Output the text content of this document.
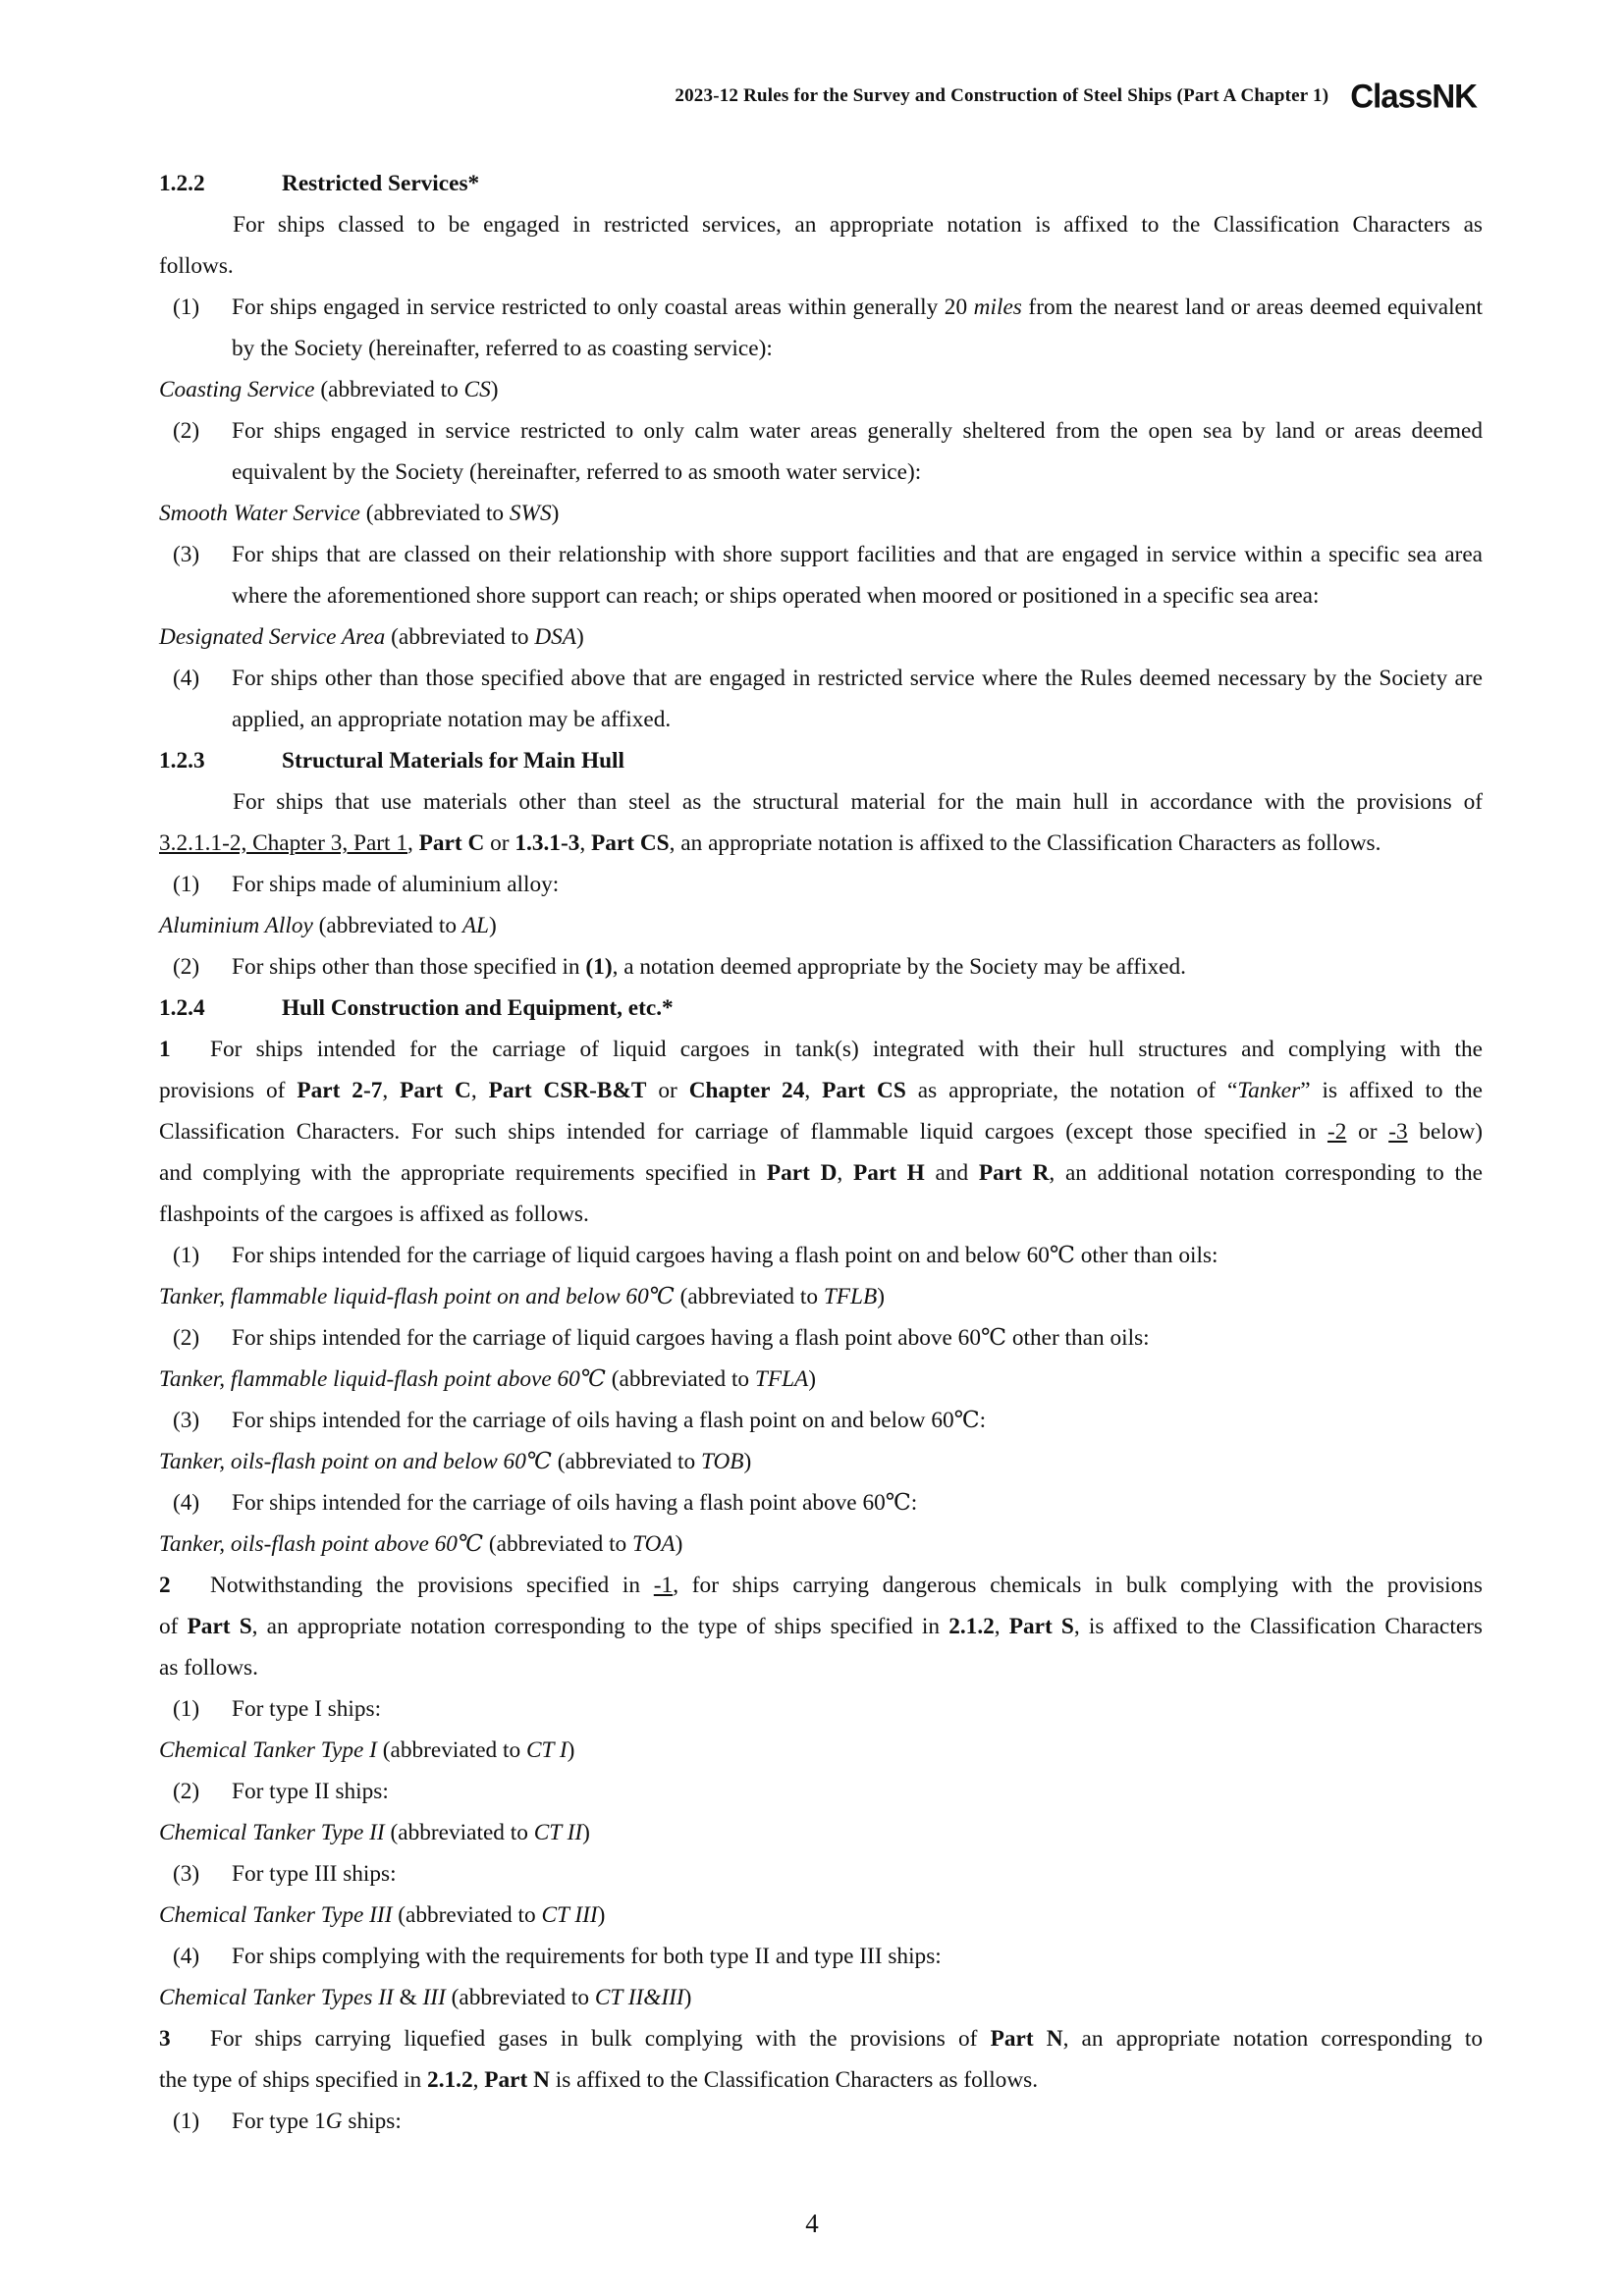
2023-12 Rules for the Survey and Construction of Steel Ships (Part A Chapter 1) ClassNK

1.2.2	Restricted Services*

For ships classed to be engaged in restricted services, an appropriate notation is affixed to the Classification Characters as

follows.

(1)	For ships engaged in service restricted to only coastal areas within generally 20 miles from the nearest land or areas deemed equivalent by the Society (hereinafter, referred to as coasting service):

Coasting Service (abbreviated to CS)

(2)	For ships engaged in service restricted to only calm water areas generally sheltered from the open sea by land or areas deemed equivalent by the Society (hereinafter, referred to as smooth water service):

Smooth Water Service (abbreviated to SWS)

(3)	For ships that are classed on their relationship with shore support facilities and that are engaged in service within a specific sea area where the aforementioned shore support can reach; or ships operated when moored or positioned in a specific sea area:

Designated Service Area (abbreviated to DSA)

(4)	For ships other than those specified above that are engaged in restricted service where the Rules deemed necessary by the Society are applied, an appropriate notation may be affixed.

1.2.3	Structural Materials for Main Hull

For ships that use materials other than steel as the structural material for the main hull in accordance with the provisions of

3.2.1.1-2, Chapter 3, Part 1, Part C or 1.3.1-3, Part CS, an appropriate notation is affixed to the Classification Characters as follows.

(1)	For ships made of aluminium alloy:

Aluminium Alloy (abbreviated to AL)

(2)	For ships other than those specified in (1), a notation deemed appropriate by the Society may be affixed.

1.2.4	Hull Construction and Equipment, etc.*

1 For ships intended for the carriage of liquid cargoes in tank(s) integrated with their hull structures and complying with the

provisions of Part 2-7, Part C, Part CSR-B&T or Chapter 24, Part CS as appropriate, the notation of “Tanker” is affixed to the

Classification Characters. For such ships intended for carriage of flammable liquid cargoes (except those specified in -2 or -3 below)

and complying with the appropriate requirements specified in Part D, Part H and Part R, an additional notation corresponding to the

flashpoints of the cargoes is affixed as follows.

(1)	For ships intended for the carriage of liquid cargoes having a flash point on and below 60℃ other than oils:

Tanker, flammable liquid-flash point on and below 60℃ (abbreviated to TFLB)

(2)	For ships intended for the carriage of liquid cargoes having a flash point above 60℃ other than oils:

Tanker, flammable liquid-flash point above 60℃ (abbreviated to TFLA)

(3)	For ships intended for the carriage of oils having a flash point on and below 60℃:

Tanker, oils-flash point on and below 60℃ (abbreviated to TOB)

(4)	For ships intended for the carriage of oils having a flash point above 60℃:

Tanker, oils-flash point above 60℃ (abbreviated to TOA)

2 Notwithstanding the provisions specified in -1, for ships carrying dangerous chemicals in bulk complying with the provisions

of Part S, an appropriate notation corresponding to the type of ships specified in 2.1.2, Part S, is affixed to the Classification Characters

as follows.

(1)	For type I ships:

Chemical Tanker Type I (abbreviated to CT I)

(2)	For type II ships:

Chemical Tanker Type II (abbreviated to CT II)

(3)	For type III ships:

Chemical Tanker Type III (abbreviated to CT III)

(4)	For ships complying with the requirements for both type II and type III ships:

Chemical Tanker Types II & III (abbreviated to CT II&III)

3 For ships carrying liquefied gases in bulk complying with the provisions of Part N, an appropriate notation corresponding to

the type of ships specified in 2.1.2, Part N is affixed to the Classification Characters as follows.

(1)	For type 1G ships:
4
